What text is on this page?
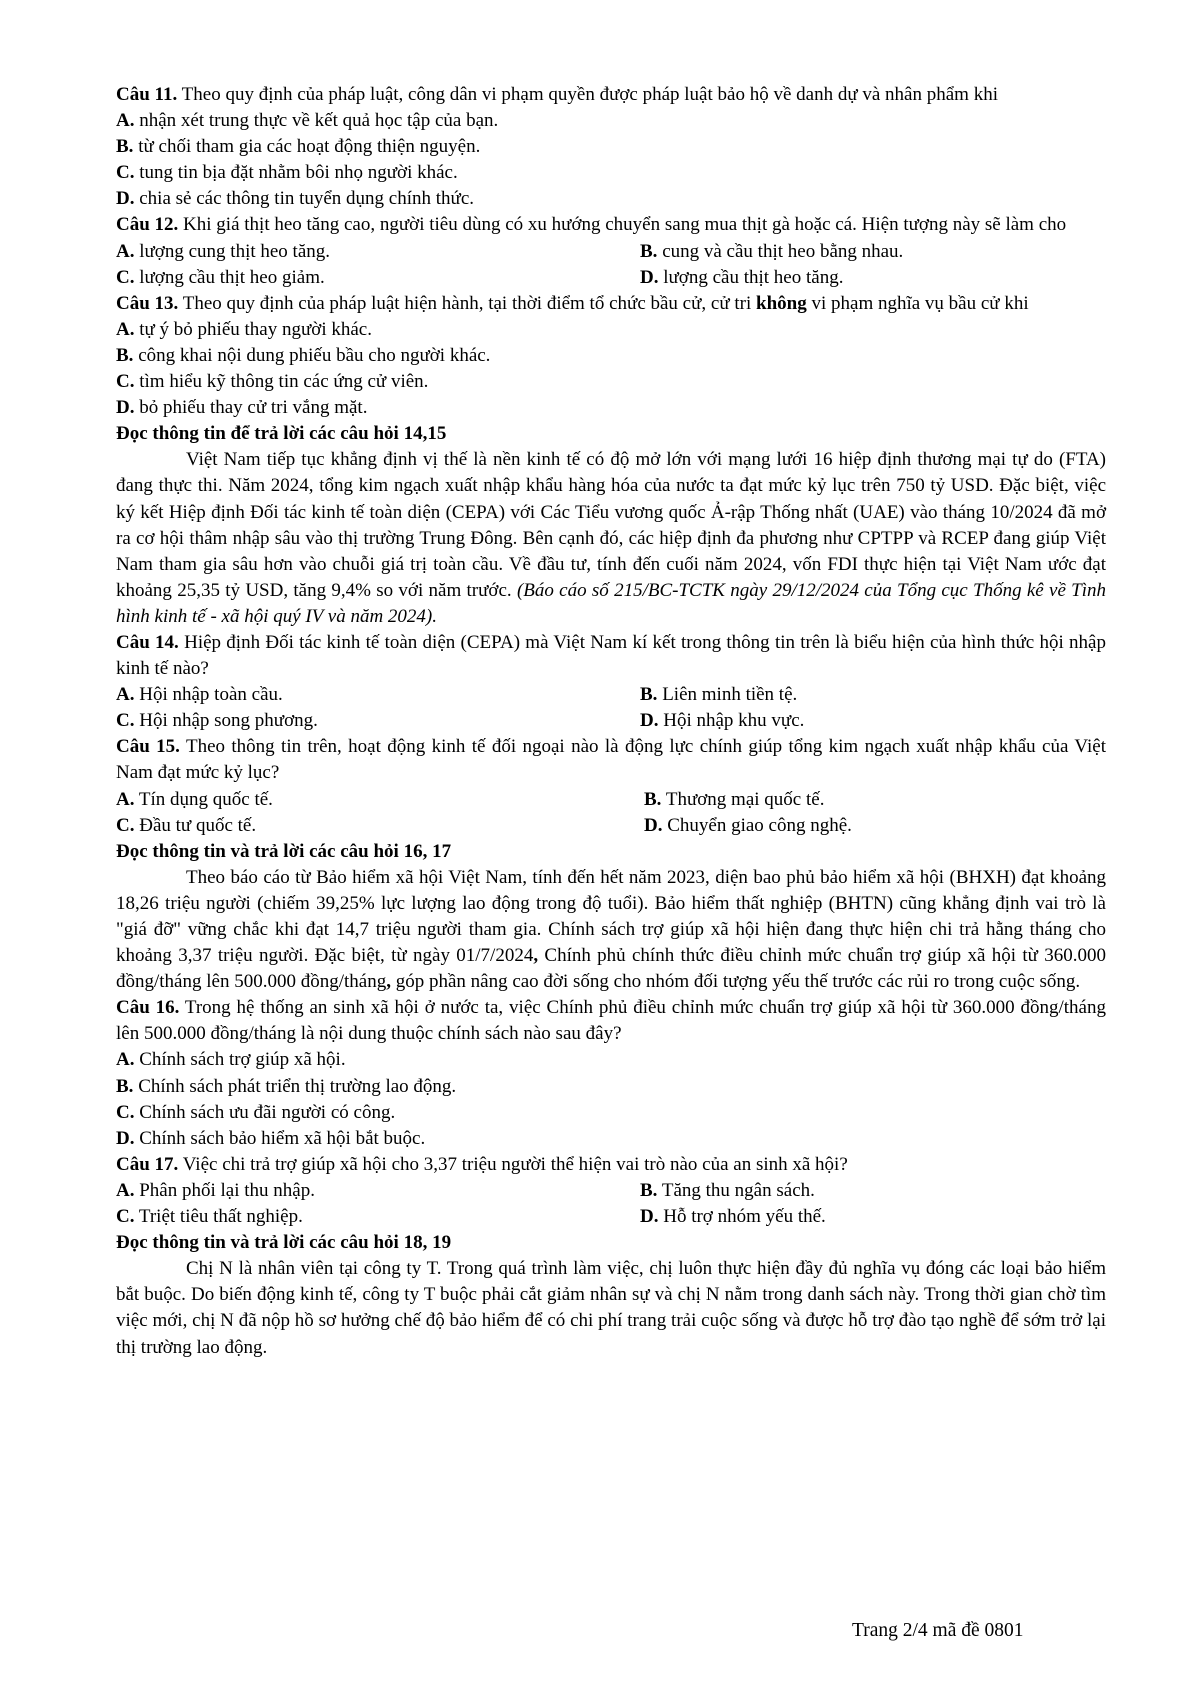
Câu 11. Theo quy định của pháp luật, công dân vi phạm quyền được pháp luật bảo hộ về danh dự và nhân phẩm khi
A. nhận xét trung thực về kết quả học tập của bạn.
B. từ chối tham gia các hoạt động thiện nguyện.
C. tung tin bịa đặt nhằm bôi nhọ người khác.
D. chia sẻ các thông tin tuyển dụng chính thức.
Câu 12. Khi giá thịt heo tăng cao, người tiêu dùng có xu hướng chuyển sang mua thịt gà hoặc cá. Hiện tượng này sẽ làm cho
A. lượng cung thịt heo tăng.	B. cung và cầu thịt heo bằng nhau.
C. lượng cầu thịt heo giảm.	D. lượng cầu thịt heo tăng.
Câu 13. Theo quy định của pháp luật hiện hành, tại thời điểm tổ chức bầu cử, cử tri không vi phạm nghĩa vụ bầu cử khi
A. tự ý bỏ phiếu thay người khác.
B. công khai nội dung phiếu bầu cho người khác.
C. tìm hiểu kỹ thông tin các ứng cử viên.
D. bỏ phiếu thay cử tri vắng mặt.
Đọc thông tin để trả lời các câu hỏi 14,15
Việt Nam tiếp tục khẳng định vị thế là nền kinh tế có độ mở lớn với mạng lưới 16 hiệp định thương mại tự do (FTA) đang thực thi. Năm 2024, tổng kim ngạch xuất nhập khẩu hàng hóa của nước ta đạt mức kỷ lục trên 750 tỷ USD. Đặc biệt, việc ký kết Hiệp định Đối tác kinh tế toàn diện (CEPA) với Các Tiểu vương quốc Ả-rập Thống nhất (UAE) vào tháng 10/2024 đã mở ra cơ hội thâm nhập sâu vào thị trường Trung Đông. Bên cạnh đó, các hiệp định đa phương như CPTPP và RCEP đang giúp Việt Nam tham gia sâu hơn vào chuỗi giá trị toàn cầu. Về đầu tư, tính đến cuối năm 2024, vốn FDI thực hiện tại Việt Nam ước đạt khoảng 25,35 tỷ USD, tăng 9,4% so với năm trước. (Báo cáo số 215/BC-TCTK ngày 29/12/2024 của Tổng cục Thống kê về Tình hình kinh tế - xã hội quý IV và năm 2024).
Câu 14. Hiệp định Đối tác kinh tế toàn diện (CEPA) mà Việt Nam kí kết trong thông tin trên là biểu hiện của hình thức hội nhập kinh tế nào?
A. Hội nhập toàn cầu.	B. Liên minh tiền tệ.
C. Hội nhập song phương.	D. Hội nhập khu vực.
Câu 15. Theo thông tin trên, hoạt động kinh tế đối ngoại nào là động lực chính giúp tổng kim ngạch xuất nhập khẩu của Việt Nam đạt mức kỷ lục?
A. Tín dụng quốc tế.	B. Thương mại quốc tế.
C. Đầu tư quốc tế.	D. Chuyển giao công nghệ.
Đọc thông tin và trả lời các câu hỏi 16, 17
Theo báo cáo từ Bảo hiểm xã hội Việt Nam, tính đến hết năm 2023, diện bao phủ bảo hiểm xã hội (BHXH) đạt khoảng 18,26 triệu người (chiếm 39,25% lực lượng lao động trong độ tuổi). Bảo hiểm thất nghiệp (BHTN) cũng khẳng định vai trò là "giá đỡ" vững chắc khi đạt 14,7 triệu người tham gia. Chính sách trợ giúp xã hội hiện đang thực hiện chi trả hằng tháng cho khoảng 3,37 triệu người. Đặc biệt, từ ngày 01/7/2024, Chính phủ chính thức điều chỉnh mức chuẩn trợ giúp xã hội từ 360.000 đồng/tháng lên 500.000 đồng/tháng, góp phần nâng cao đời sống cho nhóm đối tượng yếu thế trước các rủi ro trong cuộc sống.
Câu 16. Trong hệ thống an sinh xã hội ở nước ta, việc Chính phủ điều chỉnh mức chuẩn trợ giúp xã hội từ 360.000 đồng/tháng lên 500.000 đồng/tháng là nội dung thuộc chính sách nào sau đây?
A. Chính sách trợ giúp xã hội.
B. Chính sách phát triển thị trường lao động.
C. Chính sách ưu đãi người có công.
D. Chính sách bảo hiểm xã hội bắt buộc.
Câu 17. Việc chi trả trợ giúp xã hội cho 3,37 triệu người thể hiện vai trò nào của an sinh xã hội?
A. Phân phối lại thu nhập.	B. Tăng thu ngân sách.
C. Triệt tiêu thất nghiệp.	D. Hỗ trợ nhóm yếu thế.
Đọc thông tin và trả lời các câu hỏi 18, 19
Chị N là nhân viên tại công ty T. Trong quá trình làm việc, chị luôn thực hiện đầy đủ nghĩa vụ đóng các loại bảo hiểm bắt buộc. Do biến động kinh tế, công ty T buộc phải cắt giảm nhân sự và chị N nằm trong danh sách này. Trong thời gian chờ tìm việc mới, chị N đã nộp hồ sơ hưởng chế độ bảo hiểm để có chi phí trang trải cuộc sống và được hỗ trợ đào tạo nghề để sớm trở lại thị trường lao động.
Trang 2/4 mã đề 0801
